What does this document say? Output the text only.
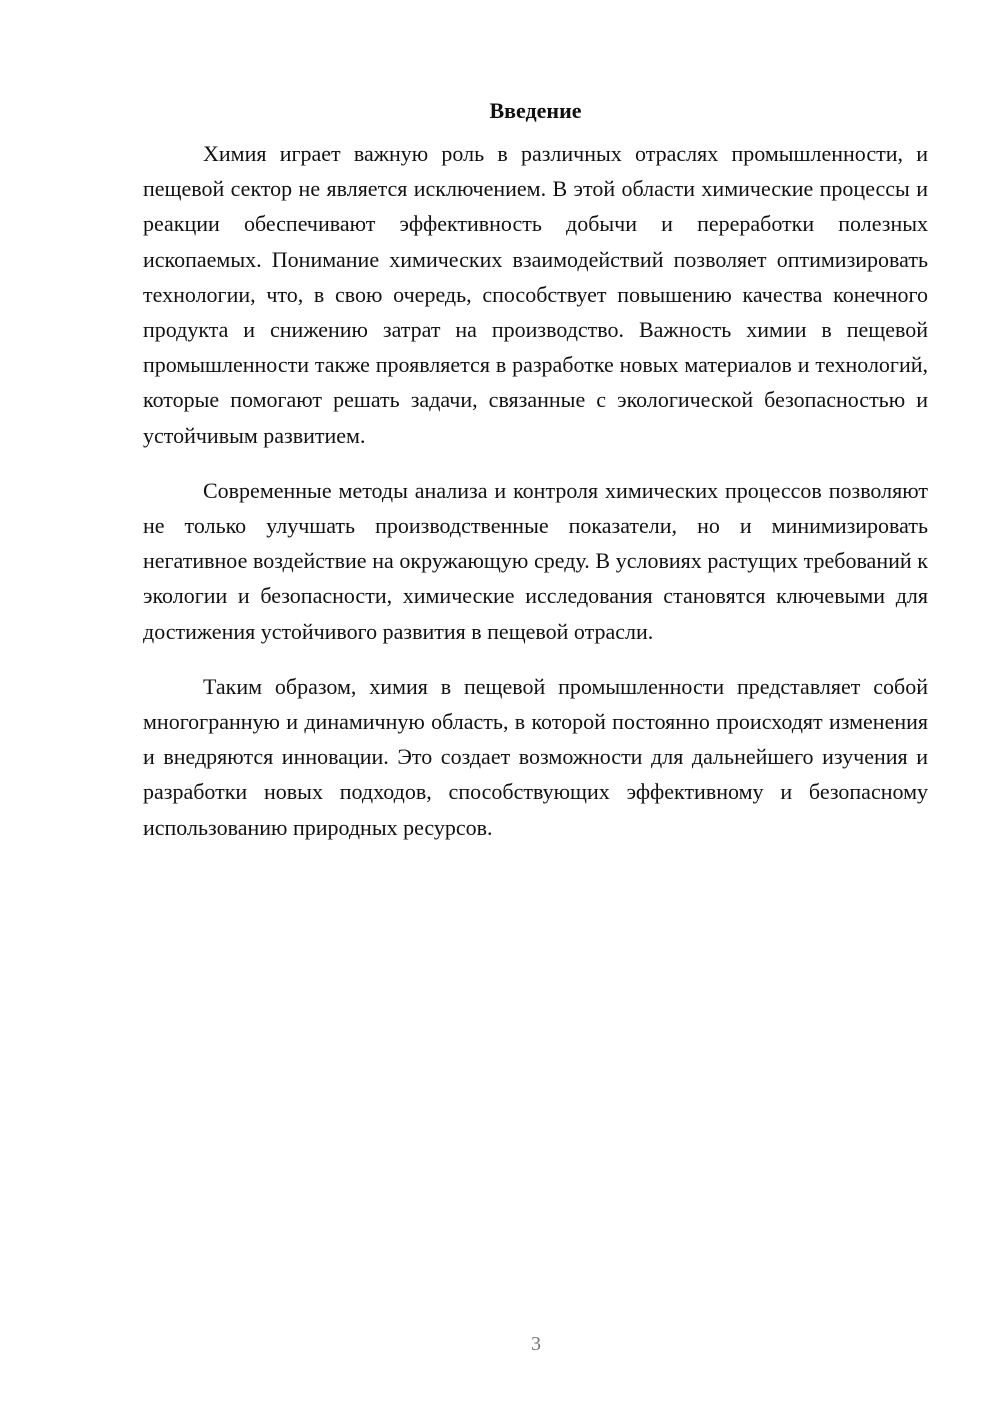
Введение

Химия играет важную роль в различных отраслях промышленности, и пещевой сектор не является исключением. В этой области химические процессы и реакции обеспечивают эффективность добычи и переработки полезных ископаемых. Понимание химических взаимодействий позволяет оптимизировать технологии, что, в свою очередь, способствует повышению качества конечного продукта и снижению затрат на производство. Важность химии в пещевой промышленности также проявляется в разработке новых материалов и технологий, которые помогают решать задачи, связанные с экологической безопасностью и устойчивым развитием.

Современные методы анализа и контроля химических процессов позволяют не только улучшать производственные показатели, но и минимизировать негативное воздействие на окружающую среду. В условиях растущих требований к экологии и безопасности, химические исследования становятся ключевыми для достижения устойчивого развития в пещевой отрасли.

Таким образом, химия в пещевой промышленности представляет собой многогранную и динамичную область, в которой постоянно происходят изменения и внедряются инновации. Это создает возможности для дальнейшего изучения и разработки новых подходов, способствующих эффективному и безопасному использованию природных ресурсов.

3
